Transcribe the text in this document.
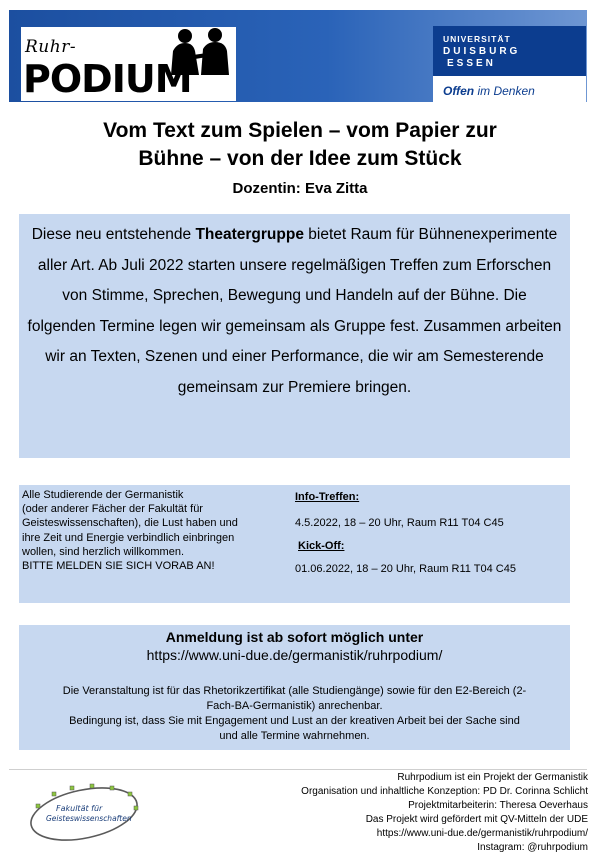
Ruhr-
PODIUM
UNIVERSITÄT
DUISBURG
ESSEN
Offen im Denken
Vom Text zum Spielen – vom Papier zur
Bühne – von der Idee zum Stück
Dozentin: Eva Zitta
Diese neu entstehende Theatergruppe bietet Raum für Bühnenexperimente aller Art. Ab Juli 2022 starten unsere regelmäßigen Treffen zum Erforschen von Stimme, Sprechen, Bewegung und Handeln auf der Bühne. Die folgenden Termine legen wir gemeinsam als Gruppe fest. Zusammen arbeiten wir an Texten, Szenen und einer Performance, die wir am Semesterende gemeinsam zur Premiere bringen.
Alle Studierende der Germanistik
(oder anderer Fächer der Fakultät für
Geisteswissenschaften), die Lust haben und
ihre Zeit und Energie verbindlich einbringen
wollen, sind herzlich willkommen.
BITTE MELDEN SIE SICH VORAB AN!
Info-Treffen:
4.5.2022, 18 – 20 Uhr, Raum R11 T04 C45
Kick-Off:
01.06.2022, 18 – 20 Uhr, Raum R11 T04 C45
Anmeldung ist ab sofort möglich unter
https://www.uni-due.de/germanistik/ruhrpodium/
Die Veranstaltung ist für das Rhetorikzertifikat (alle Studiengänge) sowie für den E2-Bereich (2-
Fach-BA-Germanistik) anrechenbar.
Bedingung ist, dass Sie mit Engagement und Lust an der kreativen Arbeit bei der Sache sind
und alle Termine wahrnehmen.
Fakultät für
Geisteswissenschaften
Ruhrpodium ist ein Projekt der Germanistik
Organisation und inhaltliche Konzeption: PD Dr. Corinna Schlicht
Projektmitarbeiterin: Theresa Oeverhaus
Das Projekt wird gefördert mit QV-Mitteln der UDE
https://www.uni-due.de/germanistik/ruhrpodium/
Instagram: @ruhrpodium
